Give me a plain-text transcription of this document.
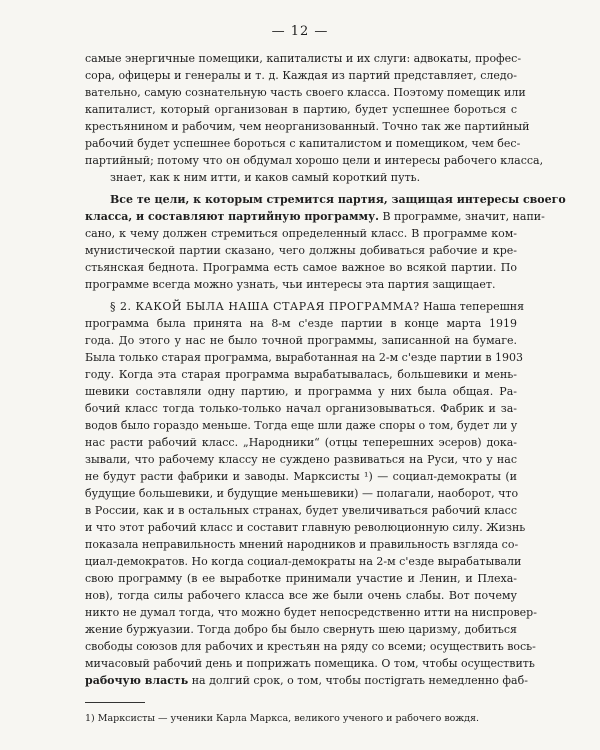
— 12 —
самые энергичные помещики, капиталисты и их слуги: адвокаты, профес-
сора, офицеры и генералы и т. д. Каждая из партий представляет, следо-
вательно, самую сознательную часть своего класса. Поэтому помещик или
капиталист, который организован в партию, будет успешнее бороться с
крестьянином и рабочим, чем неорганизованный. Точно так же партийный
рабочий будет успешнее бороться с капиталистом и помещиком, чем бес-
партийный; потому что он обдумал хорошо цели и интересы рабочего класса,
знает, как к ним итти, и каков самый короткий путь.
Все те цели, к которым стремится партия, защищая интересы своего
класса, и составляют партийную программу. В программе, значит, напи-
сано, к чему должен стремиться определенный класс. В программе ком-
мунистической партии сказано, чего должны добиваться рабочие и кре-
стьянская беднота. Программа есть самое важное во всякой партии. По
программе всегда можно узнать, чьи интересы эта партия защищает.
§ 2. КАКОЙ БЫЛА НАША СТАРАЯ ПРОГРАММА? Наша теперешня
программа была принята на 8-м с'езде партии в конце марта 1919
года. До этого у нас не было точной программы, записанной на бумаге.
Была только старая программа, выработанная на 2-м с'езде партии в 1903
году. Когда эта старая программа вырабатывалась, большевики и мень-
шевики составляли одну партию, и программа у них была общая. Ра-
бочий класс тогда только-только начал организовываться. Фабрик и за-
водов было гораздо меньше. Тогда еще шли даже споры о том, будет ли у
нас расти рабочий класс. „Народники“ (отцы теперешних эсеров) дока-
зывали, что рабочему классу не суждено развиваться на Руси, что у нас
не будут расти фабрики и заводы. Марксисты ¹) — социал-демократы (и
будущие большевики, и будущие меньшевики) — полагали, наоборот, что
в России, как и в остальных странах, будет увеличиваться рабочий класс
и что этот рабочий класс и составит главную революционную силу. Жизнь
показала неправильность мнений народников и правильность взгляда со-
циал-демократов. Но когда социал-демократы на 2-м с'езде вырабатывали
свою программу (в ее выработке принимали участие и Ленин, и Плеха-
нов), тогда силы рабочего класса все же были очень слабы. Вот почему
никто не думал тогда, что можно будет непосредственно итти на ниспровер-
жение буржуазии. Тогда добро бы было свернуть шею царизму, добиться
свободы союзов для рабочих и крестьян на ряду со всеми; осуществить вось-
мичасовый рабочий день и поприжать помещика. О том, чтобы осуществить
рабочую власть на долгий срок, о том, чтобы постigrать немедленно фаб-
1) Марксисты — ученики Карла Маркса, великого ученого и рабочего вождя.
